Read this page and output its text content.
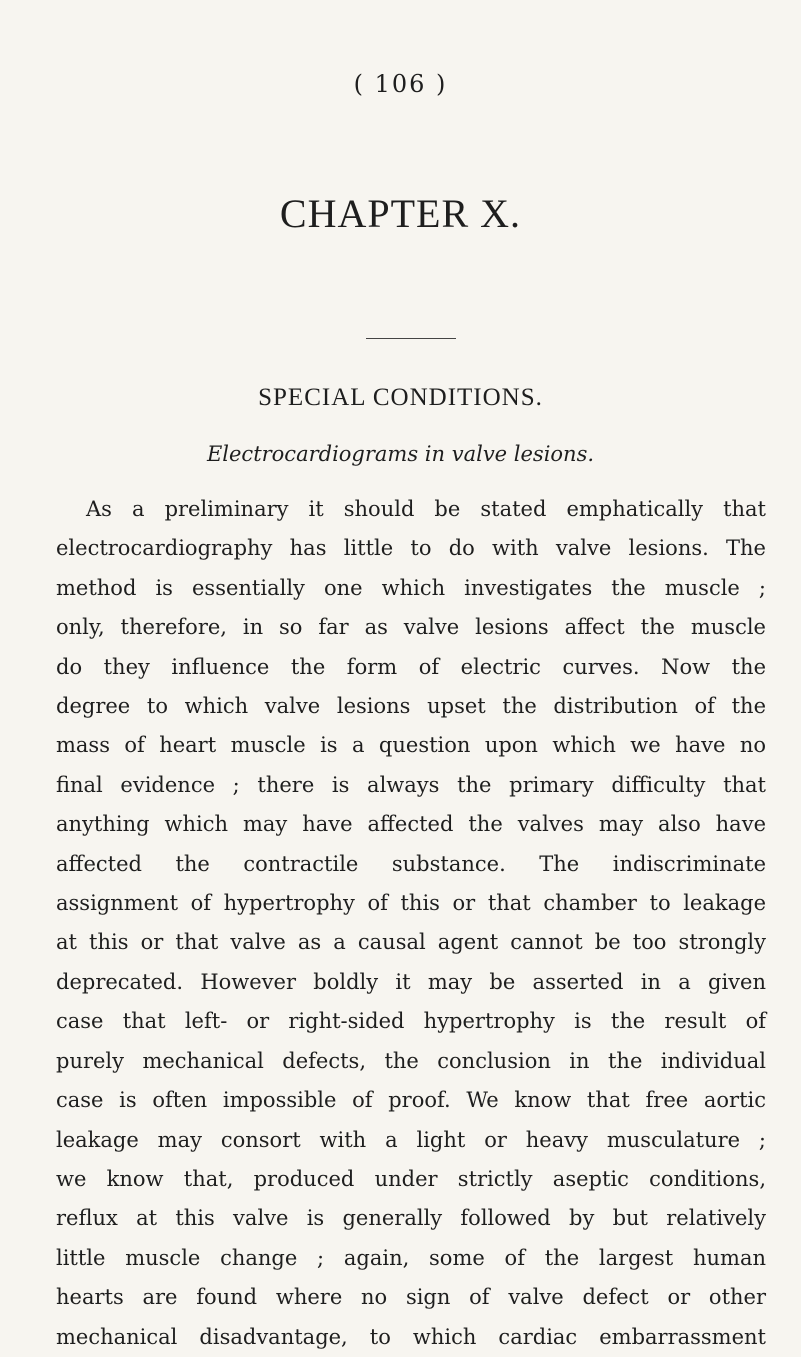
( 106 )
CHAPTER X.
SPECIAL CONDITIONS.
Electrocardiograms in valve lesions.
As a preliminary it should be stated emphatically that
electrocardiography has little to do with valve lesions. The
method is essentially one which investigates the muscle ;
only, therefore, in so far as valve lesions affect the muscle
do they influence the form of electric curves. Now the
degree to which valve lesions upset the distribution of the
mass of heart muscle is a question upon which we have no
final evidence ; there is always the primary difficulty that
anything which may have affected the valves may also have
affected the contractile substance. The indiscriminate
assignment of hypertrophy of this or that chamber to leakage
at this or that valve as a causal agent cannot be too strongly
deprecated. However boldly it may be asserted in a given
case that left- or right-sided hypertrophy is the result of
purely mechanical defects, the conclusion in the individual
case is often impossible of proof. We know that free aortic
leakage may consort with a light or heavy musculature ;
we know that, produced under strictly aseptic conditions,
reflux at this valve is generally followed by but relatively
little muscle change ; again, some of the largest human
hearts are found where no sign of valve defect or other
mechanical disadvantage, to which cardiac embarrassment
